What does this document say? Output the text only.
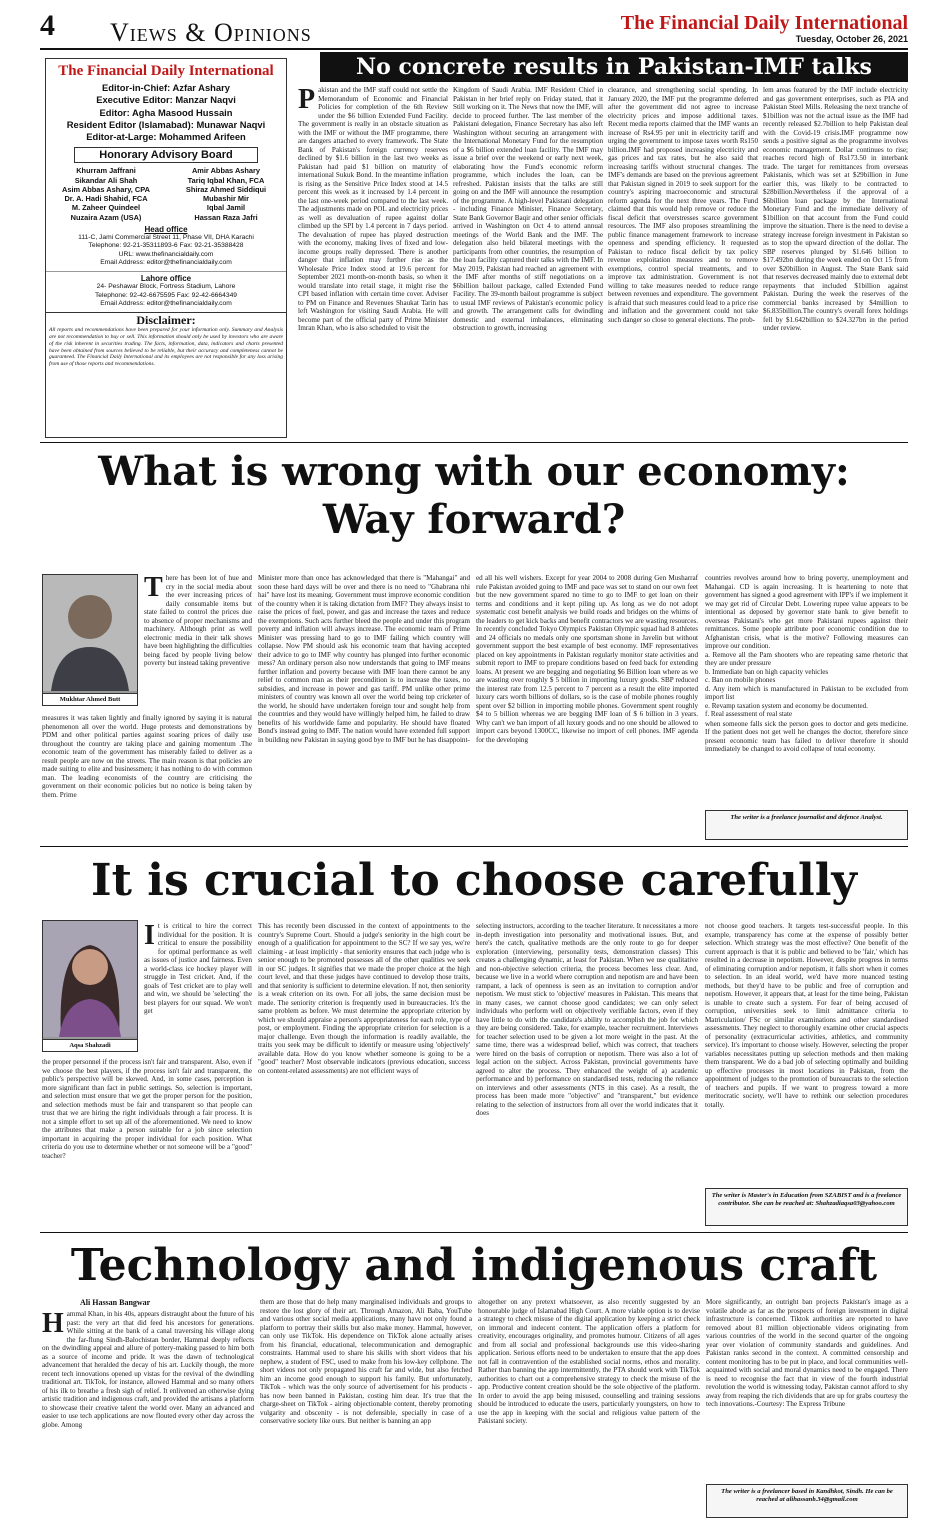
4 Views & Opinions	The Financial Daily International
Tuesday, October 26, 2021
The Financial Daily International
Editor-in-Chief: Azfar Ashary
Executive Editor: Manzar Naqvi
Editor: Agha Masood Hussain
Resident Editor (Islamabad): Munawar Naqvi
Editor-at-Large: Mohammed Arifeen
Honorary Advisory Board
Khurram Jaffrani
Sikandar Ali Shah
Asim Abbas Ashary, CPA
Dr. A. Hadi Shahid, FCA
M. Zaheer Quindeel
Nuzaira Azam (USA)
Amir Abbas Ashary
Tariq Iqbal Khan, FCA
Shiraz Ahmed Siddiqui
Mubashir Mir
Iqbal Jamil
Hassan Raza Jafri
Head office
111-C, Jami Commercial Street 11, Phase VII, DHA Karachi
Telephone: 92-21-35311893-6 Fax: 92-21-35388428
URL: www.thefinancialdaily.com
Email Address: editor@thefinancialdaily.com
Lahore office
24- Peshawar Block, Fortress Stadium, Lahore
Telephone: 92-42-6675595 Fax: 92-42-6664349
Email Address: editor@thefinancialdaily.com
Disclaimer:
All reports and recommendations have been prepared for your information only. Summary and Analysis are not recommendation to buy or sell. This information should only be used by investors who are aware of the risk inherent in securities trading. The facts, information, data, indicators and charts presented have been obtained from sources believed to be reliable, but their accuracy and completeness cannot be guaranteed. The Financial Daily International and its employees are not responsible for any loss arising from use of those reports and recommendations.
No concrete results in Pakistan-IMF talks
Pakistan and the IMF staff could not settle the Memorandum of Economic and Financial Policies for completion of the 6th Review under the $6 billion Extended Fund Facility. The government is really in an obstacle situation as with the IMF or without the IMF programme, there are dangers attached to every framework. The State Bank of Pakistan's foreign currency reserves declined by $1.6 billion in the last two weeks as Pakistan had paid $1 billion on maturity of international Sukuk Bond. In the meantime inflation is rising as the Sensitive Price Index stood at 14.5 percent this week as it increased by 1.4 percent in the last one-week period compared to the last week. The adjustments made on POL and electricity prices as well as devaluation of rupee against dollar climbed up the SPI by 1.4 percent in 7 days period. The devaluation of rupee has played destruction with the economy, making lives of fixed and low-income groups really depressed. There is another danger that inflation may further rise as the Wholesale Price Index stood at 19.6 percent for September 2021 month-on-month basis, so when it would translate into retail stage, it might rise the CPI based inflation with certain time cover. Adviser to PM on Finance and Revenues Shaukat Tarin has left Washington for visiting Saudi Arabia. He will become part of the official party of Prime Minister Imran Khan, who is also scheduled to visit the
Kingdom of Saudi Arabia. IMF Resident Chief in Pakistan in her brief reply on Friday stated, that it Still working on it. The News that now the IMF, will decide to proceed further. The last member of the Pakistani delegation, Finance Secretary has also left Washington without securing an arrangement with the International Monetary Fund for the resumption of a $6 billion extended loan facility. The IMF may issue a brief over the weekend or early next week, elaborating how the Fund's economic reform programme, which includes the loan, can be refreshed. Pakistan insists that the talks are still going on and the IMF will announce the resumption of the programme. A high-level Pakistani delegation - including Finance Minister, Finance Secretary, State Bank Governor Baqir and other senior officials arrived in Washington on Oct 4 to attend annual meetings of the World Bank and the IMF. The delegation also held bilateral meetings with the participants from other countries, the resumption of the loan facility captured their talks with the IMF. In May 2019, Pakistan had reached an agreement with the IMF after months of stiff negotiations on a $6billion bailout package, called Extended Fund Facility. The 39-month bailout programme is subject to usual IMF reviews of Pakistan's economic policy and growth. The arrangement calls for dwindling domestic and external imbalances, eliminating obstruction to growth, increasing
clearance, and strengthening social spending. In January 2020, the IMF put the programme deferred after the government did not agree to increase electricity prices and impose additional taxes. Recent media reports claimed that the IMF wants an increase of Rs4.95 per unit in electricity tariff and urging the government to impose taxes worth Rs150 billion.IMF had proposed increasing electricity and gas prices and tax rates, but he also said that increasing tariffs without structural changes. The IMF's demands are based on the previous agreement that Pakistan signed in 2019 to seek support for the country's aspiring macroeconomic and structural reform agenda for the next three years. The Fund claimed that this would help remove or reduce the fiscal deficit that overstresses scarce government resources. The IMF also proposes streamlining the public finance management framework to increase openness and spending efficiency. It requested Pakistan to reduce fiscal deficit by tax policy revenue exploitation measures and to remove exemptions, control special treatments, and to improve tax administration. Government is not willing to take measures needed to reduce range between revenues and expenditure. The government is afraid that such measures could lead to a price rise and inflation and the government could not take such danger so close to general elections. The prob-
lem areas featured by the IMF include electricity and gas government enterprises, such as PIA and Pakistan Steel Mills. Releasing the next tranche of $1billion was not the actual issue as the IMF had recently released $2.7billion to help Pakistan deal with the Covid-19 crisis.IMF programme now sends a positive signal as the programme involves economic management. Dollar continues to rise; reaches record high of Rs173.50 in interbank trade. The target for remittances from overseas Pakistanis, which was set at $29billion in June earlier this, was likely to be contracted to $28billion.Nevertheless if the approval of a $6billion loan package by the International Monetary Fund and the immediate delivery of $1billion on that account from the Fund could improve the situation. There is the need to devise a strategy increase foreign investment in Pakistan so as to stop the upward direction of the dollar. The SBP reserves plunged by $1.646 billion to $17.492bn during the week ended on Oct 15 from over $20billion in August. The State Bank said that reserves decreased mainly due to external debt repayments that included $1billion against Pakistan. During the week the reserves of the commercial banks increased by $4million to $6.835billion.The country's overall forex holdings fell by $1.642billion to $24.327bn in the period under review.
What is wrong with our economy:
Way forward?
Mukhtar Ahmed Butt
There has been lot of hue and cry in the social media about the ever increasing prices of daily consumable items but state failed to control the prices due to absence of proper mechanisms and machinery. Although print as well electronic media in their talk shows have been highlighting the difficulties being faced by people living below poverty but instead taking preventive
measures it was taken lightly and finally ignored by saying it is natural phenomenon all over the world. Huge protests and demonstrations by PDM and other political parties against soaring prices of daily use throughout the country are taking place and gaining momentum .The economic team of the government has miserably failed to deliver as a result people are now on the streets. The main reason is that policies are made suiting to elite and businessmen; it has nothing to do with common man. The leading economists of the country are criticising the government on their economic policies but no notice is being taken by them. Prime
Minister more than once has acknowledged that there is "Mahangai" and soon these hard days will be over and there is no need to "Ghabrana nhi hai" have lost its meaning. Government must improve economic condition of the country when it is taking dictation from IMF? They always insist to raise the prices of fuel, power, and gas and increase the taxes and reduce the exemptions. Such acts further bleed the people and under this program poverty and inflation will always increase. The economic team of Prime Minister was pressing hard to go to IMF failing which country will collapse. Now PM should ask his economic team that having accepted their advice to go to IMF why country has plunged into further economic mess? An ordinary person also now understands that going to IMF means further inflation and poverty because with IMF loan there cannot be any relief to common man as their precondition is to increase the taxes, no subsidies, and increase in power and gas tariff. PM unlike other prime ministers of country was known all over the world being top cricketer of the world, he should have undertaken foreign tour and sought help from the countries and they would have willingly helped him, he failed to draw benefits of his worldwide fame and popularity. He should have floated Bond's instead going to IMF. The nation would have extended full support in building new Pakistan in saying good bye to IMF but he has disappoint-
ed all his well wishers. Except for year 2004 to 2008 during Gen Musharraf rule Pakistan avoided going to IMF and pace was set to stand on our own feet but the new government spared no time to go to IMF to get loan on their terms and conditions and it kept piling up. As long as we do not adopt systematic cost benefit analysis we build roads and bridges on the whims of the leaders to get kick backs and benefit contractors we are wasting resources. In recently concluded Tokyo Olympics Pakistan Olympic squad had 8 athletes and 24 officials no medals only one sportsman shone in Javelin but without government support the best example of best economy. IMF representatives placed on key appointments in Pakistan regularly monitor state activities and submit report to IMF to prepare conditions based on feed back for extending loans. At present we are begging and negotiating $6 Billion loan where as we are wasting over roughly $ 5 billion in importing luxury goods. SBP reduced the interest rate from 12.5 percent to 7 percent as a result the elite imported luxury cars worth billions of dollars, so is the case of mobile phones roughly spent over $2 billion in importing mobile phones. Government spent roughly $4 to 5 billion whereas we are begging IMF loan of $ 6 billion in 3 years. Why can't we ban import of all luxury goods and no one should be allowed to import cars beyond 1300CC, likewise no import of cell phones. IMF agenda for the developing
countries revolves around how to bring poverty, unemployment and Mahangai. CD is again increasing. It is heartening to note that government has signed a good agreement with IPP's if we implement it we may get rid of Circular Debt. Lowering rupee value appears to be intentional as deposed by governor state bank to give benefit to overseas Pakistani's who get more Pakistani rupees against their remittances. Some people attribute poor economic condition due to Afghanistan crisis, what is the motive? Following measures can improve our condition.
a. Remove all the Pam shooters who are repeating same rhetoric that they are under pressure
b. Immediate ban on high capacity vehicles
c. Ban on mobile phones
d. Any item which is manufactured in Pakistan to be excluded from import list
e. Revamp taxation system and economy be documented.
f. Real assessment of real state
when someone falls sick the person goes to doctor and gets medicine. If the patient does not get well he changes the doctor, therefore since present economic team has failed to deliver therefore it should immediately be changed to avoid collapse of total economy.
The writer is a freelance journalist and defence Analyst.
It is crucial to choose carefully
Aqsa Shahzadi
It is critical to hire the correct individual for the position. It is critical to ensure the possibility for optimal performance as well as issues of justice and fairness. Even a world-class ice hockey player will struggle in Test cricket. And, if the goals of Test cricket are to play well and win, we should be 'selecting' the best players for our squad. We won't get
the proper personnel if the process isn't fair and transparent. Also, even if we choose the best players, if the process isn't fair and transparent, the public's perspective will be skewed. And, in some cases, perception is more significant than fact in public settings. So, selection is important, and selection must ensure that we get the proper person for the position, and selection methods must be fair and transparent so that people can trust that we are hiring the right individuals through a fair process. It is not a simple effort to set up all of the aforementioned. We need to know the attributes that make a person suitable for a job since selection important in acquiring the proper individual for each position. What criteria do you use to determine whether or not someone will be a "good" teacher?
This has recently been discussed in the context of appointments to the country's Supreme Court. Should a judge's seniority in the high court be enough of a qualification for appointment to the SC? If we say yes, we're claiming - at least implicitly - that seniority ensures that each judge who is senior enough to be promoted possesses all of the other qualities we seek in our SC judges. It signifies that we made the proper choice at the high court level, and that these judges have continued to develop those traits, and that seniority is sufficient to determine elevation. If not, then seniority is a weak criterion on its own. For all jobs, the same decision must be made. The seniority criterion is frequently used in bureaucracies. It's the same problem as before. We must determine the appropriate criterion by which we should appraise a person's appropriateness for each role, type of post, or employment. Finding the appropriate criterion for selection is a major challenge. Even though the information is readily available, the traits you seek may be difficult to identify or measure using 'objectively' available data. How do you know whether someone is going to be a "good" teacher? Most observable indicators (previous education, success on content-related assessments) are not efficient ways of
selecting instructors, according to the teacher literature. It necessitates a more in-depth investigation into personality and motivational issues. But, and here's the catch, qualitative methods are the only route to go for deeper exploration (interviewing, personality tests, demonstration classes) This creates a challenging dynamic, at least for Pakistan. When we use qualitative and non-objective selection criteria, the process becomes less clear. And, because we live in a world where corruption and nepotism are and have been rampant, a lack of openness is seen as an invitation to corruption and/or nepotism. We must stick to 'objective' measures in Pakistan. This means that in many cases, we cannot choose good candidates; we can only select individuals who perform well on objectively verifiable factors, even if they have little to do with the candidate's ability to accomplish the job for which they are being considered. Take, for example, teacher recruitment. Interviews for teacher selection used to be given a lot more weight in the past. At the same time, there was a widespread belief, which was correct, that teachers were hired on the basis of corruption or nepotism. There was also a lot of legal action on the subject. Across Pakistan, provincial governments have agreed to alter the process. They enhanced the weight of a) academic performance and b) performance on standardised tests, reducing the reliance on interviews and other assessments (NTS in this case). As a result, the process has been made more "objective" and "transparent," but evidence relating to the selection of instructors from all over the world indicates that it does
not choose good teachers. It targets test-successful people. In this example, transparency has come at the expense of possibly better selection. Which strategy was the most effective? One benefit of the current approach is that it is public and believed to be 'fair,' which has resulted in a decrease in nepotism. However, despite progress in terms of eliminating corruption and/or nepotism, it falls short when it comes to selection. In an ideal world, we'd have more nuanced testing methods, but they'd have to be public and free of corruption and nepotism. However, it appears that, at least for the time being, Pakistan is unable to create such a system. For fear of being accused of corruption, universities seek to limit admittance criteria to Matriculation/ FSc or similar examinations and other standardised assessments. They neglect to thoroughly examine other crucial aspects of personality (extracurricular activities, athletics, and community service). It's important to choose wisely. However, selecting the proper variables necessitates putting up selection methods and then making them transparent. We do a bad job of selecting optimally and building up effective processes in most locations in Pakistan, from the appointment of judges to the promotion of bureaucrats to the selection of teachers and pupils. If we want to progress toward a more meritocratic society, we'll have to rethink our selection procedures totally.
The writer is Master's in Education from SZABIST and is a freelance contributor. She can be reached at: Shahzadiaqsa03@yahoo.com
Technology and indigenous craft
Ali Hassan Bangwar
Hammal Khan, in his 40s, appears distraught about the future of his past: the very art that did feed his ancestors for generations. While sitting at the bank of a canal traversing his village along the far-flung Sindh-Balochistan border, Hammal deeply reflects on the dwindling appeal and allure of pottery-making passed to him both as a source of income and pride. It was the dawn of technological advancement that heralded the decay of his art. Luckily though, the more recent tech innovations opened up vistas for the revival of the dwindling traditional art. TikTok, for instance, allowed Hammal and so many others of his ilk to breathe a fresh sigh of relief. It enlivened an otherwise dying artistic tradition and indigenous craft, and provided the artisans a platform to showcase their creative talent the world over. Many an advanced and easier to use tech applications are now flouted every other day across the globe. Among
them are those that do help many marginalised individuals and groups to restore the lost glory of their art. Through Amazon, Ali Baba, YouTube and various other social media applications, many have not only found a platform to portray their skills but also make money. Hammal, however, can only use TikTok. His dependence on TikTok alone actually arises from his financial, educational, telecommunication and demographic constraints. Hammal used to share his skills with short videos that his nephew, a student of FSC, used to make from his low-key cellphone. The short videos not only propagated his craft far and wide, but also fetched him an income good enough to support his family. But unfortunately, TikTok - which was the only source of advertisement for his products - has now been banned in Pakistan, costing him dear. It's true that the charge-sheet on TikTok - airing objectionable content, thereby promoting vulgarity and obscenity - is not defensible, specially in case of a conservative society like ours. But neither is banning an app
altogether on any pretext whatsoever, as also recently suggested by an honourable judge of Islamabad High Court. A more viable option is to devise a strategy to check misuse of the digital application by keeping a strict check on immoral and indecent content. The application offers a platform for creativity, encourages originality, and promotes humour. Citizens of all ages and from all social and professional backgrounds use this video-sharing application. Serious efforts need to be undertaken to ensure that the app does not fall in contravention of the established social norms, ethos and morality. Rather than banning the app intermittently, the PTA should work with TikTok authorities to chart out a comprehensive strategy to check the misuse of the app. Productive content creation should be the sole objective of the platform. In order to avoid the app being misused, counselling and training sessions should be introduced to educate the users, particularly youngsters, on how to use the app in keeping with the social and religious value pattern of the Pakistani society.
More significantly, an outright ban projects Pakistan's image as a volatile abode as far as the prospects of foreign investment in digital infrastructure is concerned. Tiktok authorities are reported to have removed about 81 million objectionable videos originating from various countries of the world in the second quarter of the ongoing year over violation of community standards and guidelines. And Pakistan ranks second in the context. A committed censorship and content monitoring has to be put in place, and local communities well-acquainted with social and moral dynamics need to be engaged. There is need to recognise the fact that in view of the fourth industrial revolution the world is witnessing today, Pakistan cannot afford to shy away from reaping the rich dividends that are up for grabs courtesy the tech innovations.-Courtesy: The Express Tribune
The writer is a freelancer based in Kandhkot, Sindh. He can be reached at alihassanb.34@gmail.com
